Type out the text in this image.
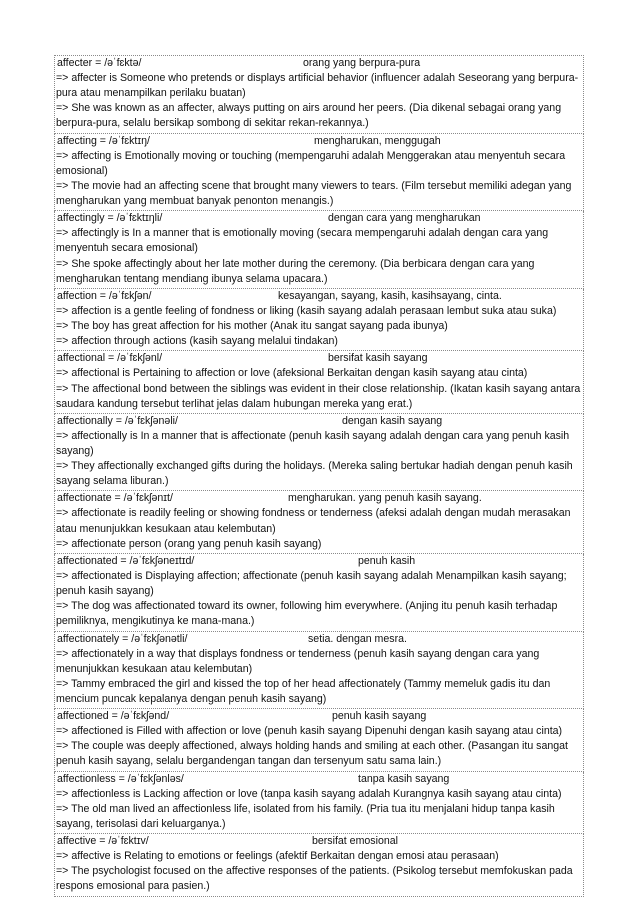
affecter = /əˈfɛktə/	orang yang berpura-pura
=> affecter is Someone who pretends or displays artificial behavior (influencer adalah Seseorang yang berpura-pura atau menampilkan perilaku buatan)
=> She was known as an affecter, always putting on airs around her peers. (Dia dikenal sebagai orang yang berpura-pura, selalu bersikap sombong di sekitar rekan-rekannya.)
affecting = /əˈfɛktɪŋ/	mengharukan, menggugah
=> affecting is Emotionally moving or touching (mempengaruhi adalah Menggerakan atau menyentuh secara emosional)
=> The movie had an affecting scene that brought many viewers to tears. (Film tersebut memiliki adegan yang mengharukan yang membuat banyak penonton menangis.)
affectingly = /əˈfɛktɪŋli/	dengan cara yang mengharukan
=> affectingly is In a manner that is emotionally moving (secara mempengaruhi adalah dengan cara yang menyentuh secara emosional)
=> She spoke affectingly about her late mother during the ceremony. (Dia berbicara dengan cara yang mengharukan tentang mendiang ibunya selama upacara.)
affection = /əˈfɛkʃən/	kesayangan, sayang, kasih, kasihsayang, cinta.
=> affection is a gentle feeling of fondness or liking (kasih sayang adalah perasaan lembut suka atau suka)
=> The boy has great affection for his mother (Anak itu sangat sayang pada ibunya)
=> affection through actions (kasih sayang melalui tindakan)
affectional = /əˈfɛkʃənl/	bersifat kasih sayang
=> affectional is Pertaining to affection or love (afeksional Berkaitan dengan kasih sayang atau cinta)
=> The affectional bond between the siblings was evident in their close relationship. (Ikatan kasih sayang antara saudara kandung tersebut terlihat jelas dalam hubungan mereka yang erat.)
affectionally = /əˈfɛkʃənəli/	dengan kasih sayang
=> affectionally is In a manner that is affectionate (penuh kasih sayang adalah dengan cara yang penuh kasih sayang)
=> They affectionally exchanged gifts during the holidays. (Mereka saling bertukar hadiah dengan penuh kasih sayang selama liburan.)
affectionate = /əˈfɛkʃənɪt/	mengharukan. yang penuh kasih sayang.
=> affectionate is readily feeling or showing fondness or tenderness (afeksi adalah dengan mudah merasakan atau menunjukkan kesukaan atau kelembutan)
=> affectionate person (orang yang penuh kasih sayang)
affectionated = /əˈfɛkʃəneɪtɪd/	penuh kasih
=> affectionated is Displaying affection; affectionate (penuh kasih sayang adalah Menampilkan kasih sayang; penuh kasih sayang)
=> The dog was affectionated toward its owner, following him everywhere. (Anjing itu penuh kasih terhadap pemiliknya, mengikutinya ke mana-mana.)
affectionately = /əˈfɛkʃənətli/	setia. dengan mesra.
=> affectionately in a way that displays fondness or tenderness (penuh kasih sayang dengan cara yang menunjukkan kesukaan atau kelembutan)
=> Tammy embraced the girl and kissed the top of her head affectionately (Tammy memeluk gadis itu dan mencium puncak kepalanya dengan penuh kasih sayang)
affectioned = /əˈfɛkʃənd/	penuh kasih sayang
=> affectioned is Filled with affection or love (penuh kasih sayang Dipenuhi dengan kasih sayang atau cinta)
=> The couple was deeply affectioned, always holding hands and smiling at each other. (Pasangan itu sangat penuh kasih sayang, selalu bergandengan tangan dan tersenyum satu sama lain.)
affectionless = /əˈfɛkʃənləs/	tanpa kasih sayang
=> affectionless is Lacking affection or love (tanpa kasih sayang adalah Kurangnya kasih sayang atau cinta)
=> The old man lived an affectionless life, isolated from his family. (Pria tua itu menjalani hidup tanpa kasih sayang, terisolasi dari keluarganya.)
affective = /əˈfɛktɪv/	bersifat emosional
=> affective is Relating to emotions or feelings (afektif Berkaitan dengan emosi atau perasaan)
=> The psychologist focused on the affective responses of the patients. (Psikolog tersebut memfokuskan pada respons emosional para pasien.)
